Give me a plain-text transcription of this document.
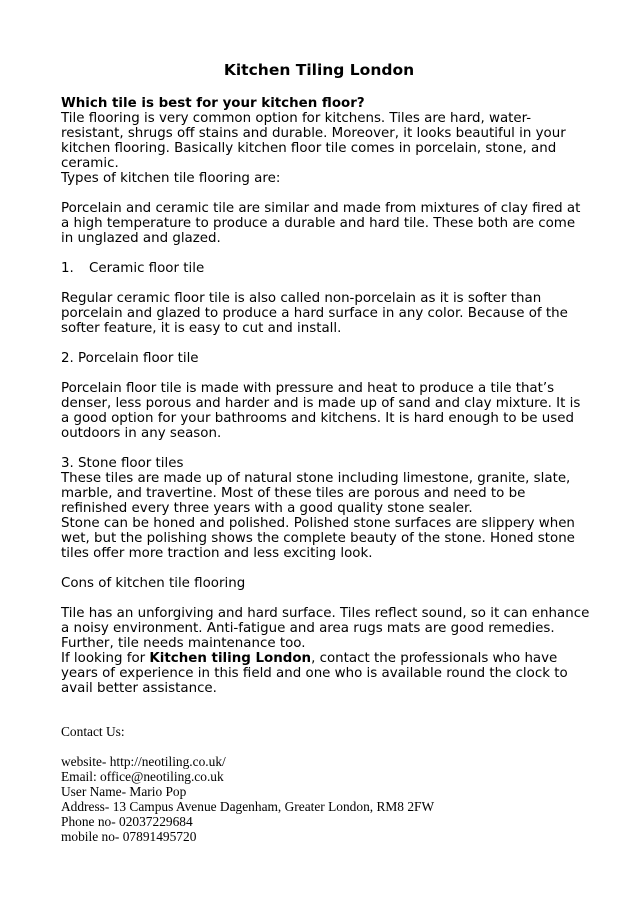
Kitchen Tiling London
Which tile is best for your kitchen floor?
Tile flooring is very common option for kitchens. Tiles are hard, water-resistant, shrugs off stains and durable. Moreover, it looks beautiful in your kitchen flooring. Basically kitchen floor tile comes in porcelain, stone, and ceramic.
Types of kitchen tile flooring are:
Porcelain and ceramic tile are similar and made from mixtures of clay fired at a high temperature to produce a durable and hard tile. These both are come in unglazed and glazed.
1. Ceramic floor tile
Regular ceramic floor tile is also called non-porcelain as it is softer than porcelain and glazed to produce a hard surface in any color. Because of the softer feature, it is easy to cut and install.
2. Porcelain floor tile
Porcelain floor tile is made with pressure and heat to produce a tile that’s denser, less porous and harder and is made up of sand and clay mixture. It is a good option for your bathrooms and kitchens. It is hard enough to be used outdoors in any season.
3. Stone floor tiles
These tiles are made up of natural stone including limestone, granite, slate, marble, and travertine. Most of these tiles are porous and need to be refinished every three years with a good quality stone sealer.
Stone can be honed and polished. Polished stone surfaces are slippery when wet, but the polishing shows the complete beauty of the stone. Honed stone tiles offer more traction and less exciting look.
Cons of kitchen tile flooring
Tile has an unforgiving and hard surface. Tiles reflect sound, so it can enhance a noisy environment. Anti-fatigue and area rugs mats are good remedies. Further, tile needs maintenance too.
If looking for Kitchen tiling London, contact the professionals who have years of experience in this field and one who is available round the clock to avail better assistance.
Contact Us:
website- http://neotiling.co.uk/
Email: office@neotiling.co.uk
User Name- Mario Pop
Address- 13 Campus Avenue Dagenham, Greater London, RM8 2FW
Phone no- 02037229684
mobile no- 07891495720
